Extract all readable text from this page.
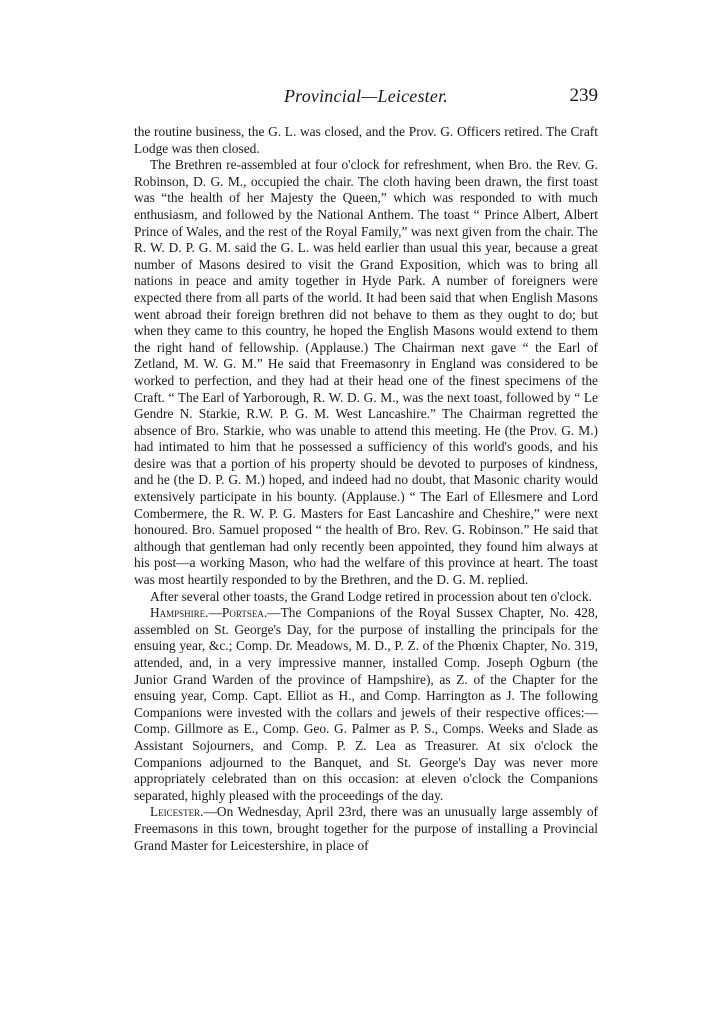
Provincial—Leicester.	239

the routine business, the G. L. was closed, and the Prov. G. Officers retired. The Craft Lodge was then closed.

The Brethren re-assembled at four o'clock for refreshment, when Bro. the Rev. G. Robinson, D. G. M., occupied the chair. The cloth having been drawn, the first toast was “the health of her Majesty the Queen,” which was responded to with much enthusiasm, and followed by the National Anthem. The toast “ Prince Albert, Albert Prince of Wales, and the rest of the Royal Family,” was next given from the chair. The R. W. D. P. G. M. said the G. L. was held earlier than usual this year, because a great number of Masons desired to visit the Grand Exposition, which was to bring all nations in peace and amity together in Hyde Park. A number of foreigners were expected there from all parts of the world. It had been said that when English Masons went abroad their foreign brethren did not behave to them as they ought to do; but when they came to this country, he hoped the English Masons would extend to them the right hand of fellowship. (Applause.) The Chairman next gave “ the Earl of Zetland, M. W. G. M.” He said that Freemasonry in England was considered to be worked to perfection, and they had at their head one of the finest specimens of the Craft. “ The Earl of Yarborough, R. W. D. G. M., was the next toast, followed by “ Le Gendre N. Starkie, R.W. P. G. M. West Lancashire.” The Chairman regretted the absence of Bro. Starkie, who was unable to attend this meeting. He (the Prov. G. M.) had intimated to him that he possessed a sufficiency of this world's goods, and his desire was that a portion of his property should be devoted to purposes of kindness, and he (the D. P. G. M.) hoped, and indeed had no doubt, that Masonic charity would extensively participate in his bounty. (Applause.) “ The Earl of Ellesmere and Lord Combermere, the R. W. P. G. Masters for East Lancashire and Cheshire,” were next honoured. Bro. Samuel proposed “ the health of Bro. Rev. G. Robinson.” He said that although that gentleman had only recently been appointed, they found him always at his post—a working Mason, who had the welfare of this province at heart. The toast was most heartily responded to by the Brethren, and the D. G. M. replied.

After several other toasts, the Grand Lodge retired in procession about ten o'clock.

Hampshire.—Portsea.—The Companions of the Royal Sussex Chapter, No. 428, assembled on St. George's Day, for the purpose of installing the principals for the ensuing year, &c.; Comp. Dr. Meadows, M. D., P. Z. of the Phœnix Chapter, No. 319, attended, and, in a very impressive manner, installed Comp. Joseph Ogburn (the Junior Grand Warden of the province of Hampshire), as Z. of the Chapter for the ensuing year, Comp. Capt. Elliot as H., and Comp. Harrington as J. The following Companions were invested with the collars and jewels of their respective offices:—Comp. Gillmore as E., Comp. Geo. G. Palmer as P. S., Comps. Weeks and Slade as Assistant Sojourners, and Comp. P. Z. Lea as Treasurer. At six o'clock the Companions adjourned to the Banquet, and St. George's Day was never more appropriately celebrated than on this occasion: at eleven o'clock the Companions separated, highly pleased with the proceedings of the day.

Leicester.—On Wednesday, April 23rd, there was an unusually large assembly of Freemasons in this town, brought together for the purpose of installing a Provincial Grand Master for Leicestershire, in place of
